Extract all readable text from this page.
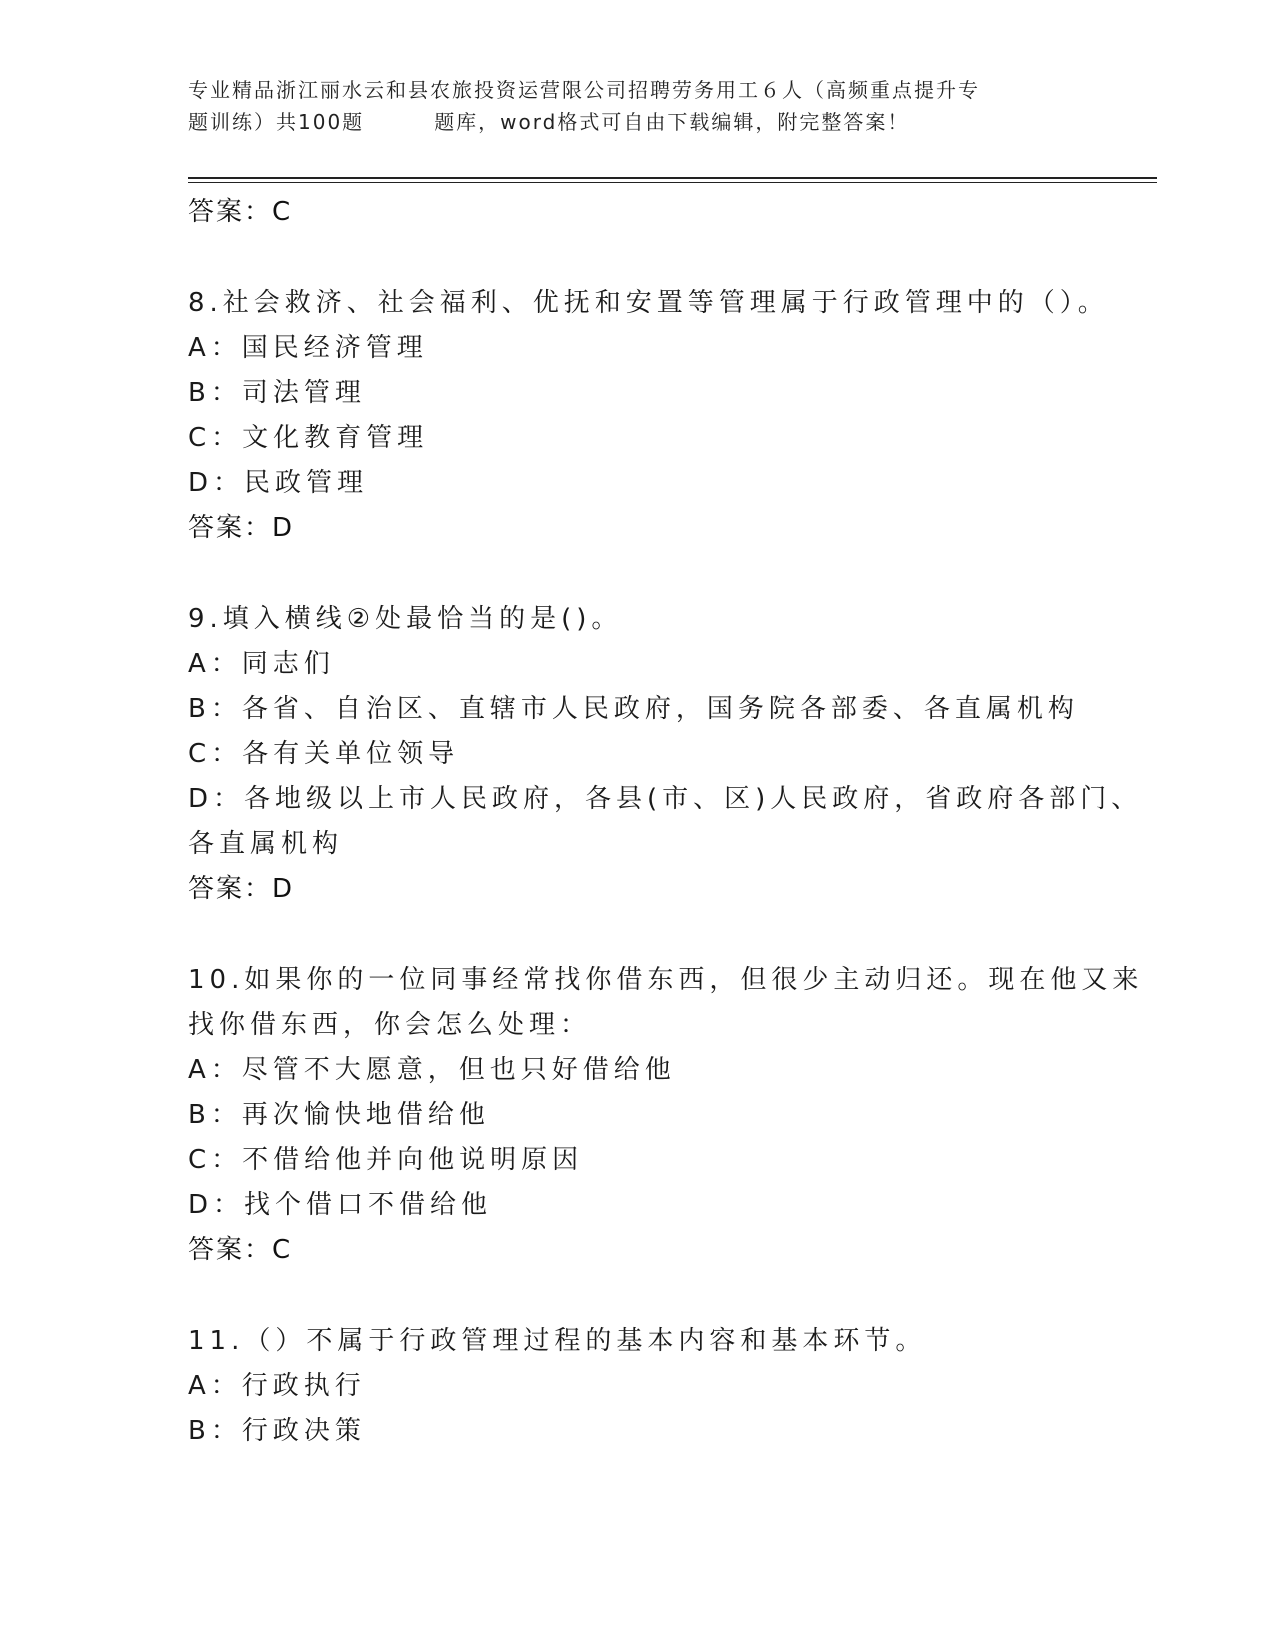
专业精品浙江丽水云和县农旅投资运营限公司招聘劳务用工６人（高频重点提升专
题训练）共100题	题库，word格式可自由下载编辑，附完整答案！
答案：C
8.社会救济、社会福利、优抚和安置等管理属于行政管理中的（）。
A：国民经济管理
B：司法管理
C：文化教育管理
D：民政管理
答案：D
9.填入横线②处最恰当的是()。
A：同志们
B：各省、自治区、直辖市人民政府，国务院各部委、各直属机构
C：各有关单位领导
D：各地级以上市人民政府，各县(市、区)人民政府，省政府各部门、
各直属机构
答案：D
10.如果你的一位同事经常找你借东西，但很少主动归还。现在他又来
找你借东西，你会怎么处理：
A：尽管不大愿意，但也只好借给他
B：再次愉快地借给他
C：不借给他并向他说明原因
D：找个借口不借给他
答案：C
11.（）不属于行政管理过程的基本内容和基本环节。
A：行政执行
B：行政决策
